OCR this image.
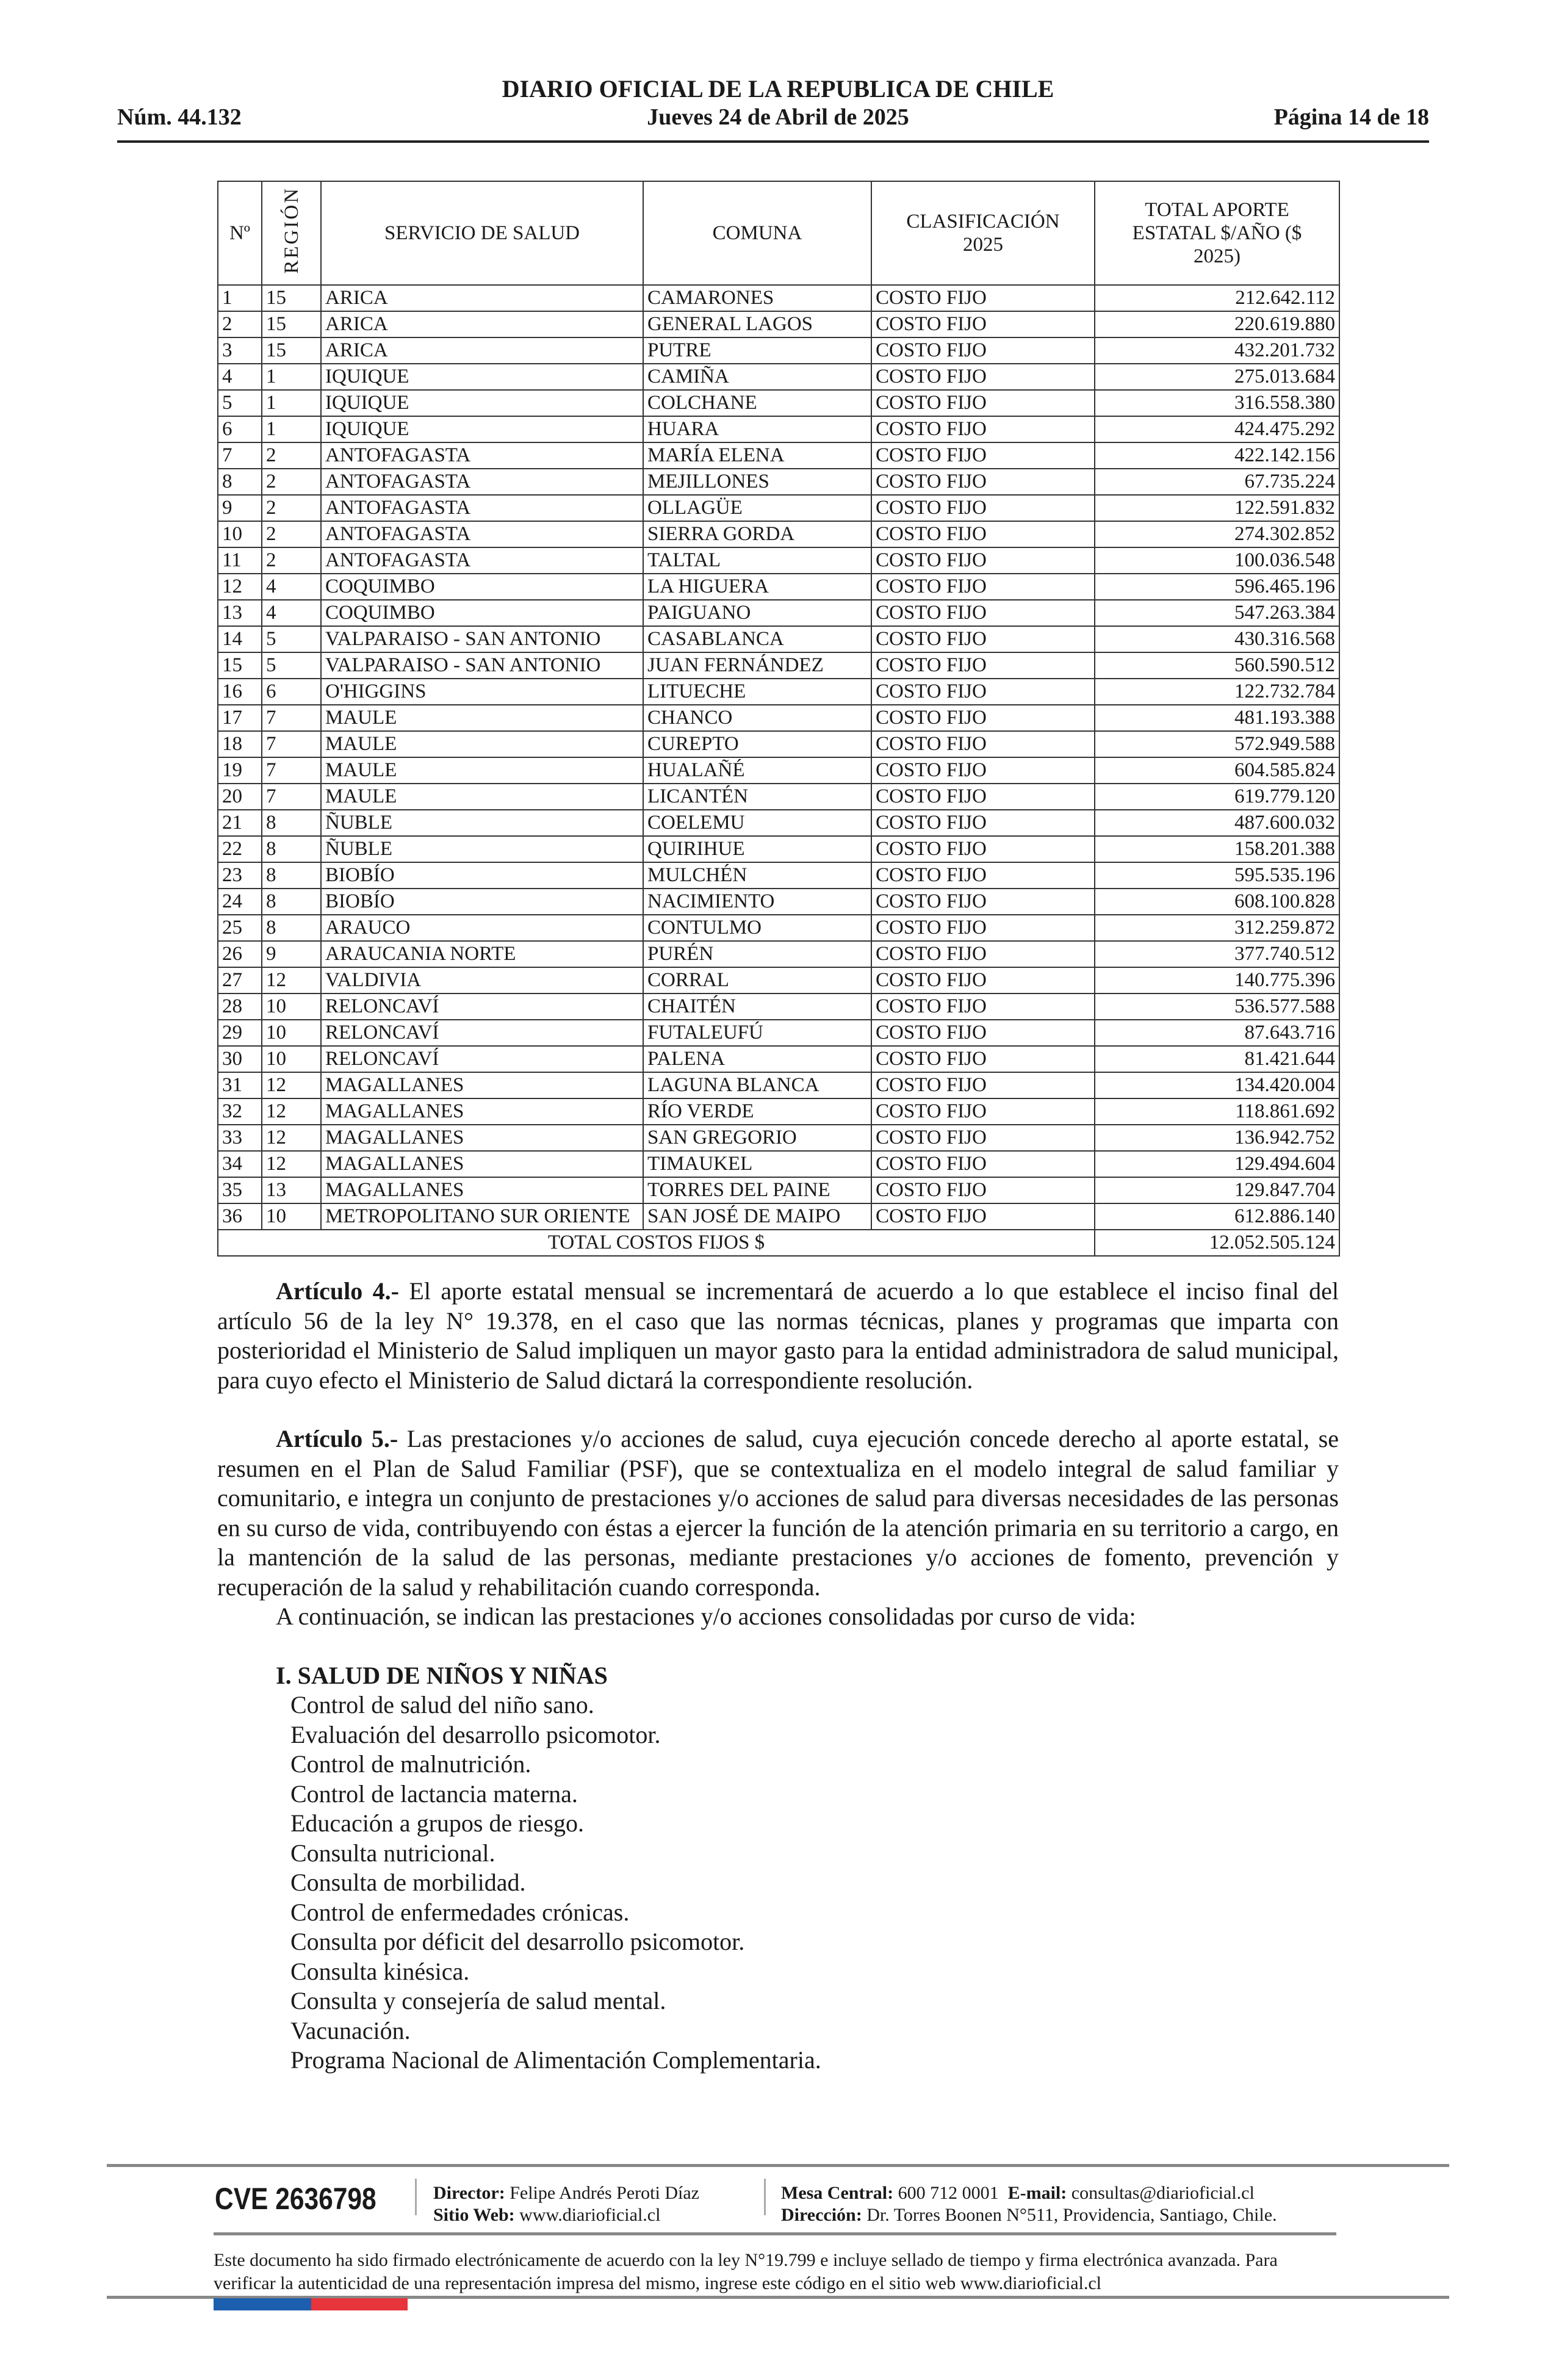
DIARIO OFICIAL DE LA REPUBLICA DE CHILE
Núm. 44.132	Jueves 24 de Abril de 2025	Página 14 de 18
Nº	REGIÓN	SERVICIO DE SALUD	COMUNA	CLASIFICACIÓN 2025	TOTAL APORTE ESTATAL $/AÑO ($ 2025)
1	15	ARICA	CAMARONES	COSTO FIJO	212.642.112
2	15	ARICA	GENERAL LAGOS	COSTO FIJO	220.619.880
3	15	ARICA	PUTRE	COSTO FIJO	432.201.732
4	1	IQUIQUE	CAMIÑA	COSTO FIJO	275.013.684
5	1	IQUIQUE	COLCHANE	COSTO FIJO	316.558.380
6	1	IQUIQUE	HUARA	COSTO FIJO	424.475.292
7	2	ANTOFAGASTA	MARÍA ELENA	COSTO FIJO	422.142.156
8	2	ANTOFAGASTA	MEJILLONES	COSTO FIJO	67.735.224
9	2	ANTOFAGASTA	OLLAGÜE	COSTO FIJO	122.591.832
10	2	ANTOFAGASTA	SIERRA GORDA	COSTO FIJO	274.302.852
11	2	ANTOFAGASTA	TALTAL	COSTO FIJO	100.036.548
12	4	COQUIMBO	LA HIGUERA	COSTO FIJO	596.465.196
13	4	COQUIMBO	PAIGUANO	COSTO FIJO	547.263.384
14	5	VALPARAISO - SAN ANTONIO	CASABLANCA	COSTO FIJO	430.316.568
15	5	VALPARAISO - SAN ANTONIO	JUAN FERNÁNDEZ	COSTO FIJO	560.590.512
16	6	O'HIGGINS	LITUECHE	COSTO FIJO	122.732.784
17	7	MAULE	CHANCO	COSTO FIJO	481.193.388
18	7	MAULE	CUREPTO	COSTO FIJO	572.949.588
19	7	MAULE	HUALAÑÉ	COSTO FIJO	604.585.824
20	7	MAULE	LICANTÉN	COSTO FIJO	619.779.120
21	8	ÑUBLE	COELEMU	COSTO FIJO	487.600.032
22	8	ÑUBLE	QUIRIHUE	COSTO FIJO	158.201.388
23	8	BIOBÍO	MULCHÉN	COSTO FIJO	595.535.196
24	8	BIOBÍO	NACIMIENTO	COSTO FIJO	608.100.828
25	8	ARAUCO	CONTULMO	COSTO FIJO	312.259.872
26	9	ARAUCANIA NORTE	PURÉN	COSTO FIJO	377.740.512
27	12	VALDIVIA	CORRAL	COSTO FIJO	140.775.396
28	10	RELONCAVÍ	CHAITÉN	COSTO FIJO	536.577.588
29	10	RELONCAVÍ	FUTALEUFÚ	COSTO FIJO	87.643.716
30	10	RELONCAVÍ	PALENA	COSTO FIJO	81.421.644
31	12	MAGALLANES	LAGUNA BLANCA	COSTO FIJO	134.420.004
32	12	MAGALLANES	RÍO VERDE	COSTO FIJO	118.861.692
33	12	MAGALLANES	SAN GREGORIO	COSTO FIJO	136.942.752
34	12	MAGALLANES	TIMAUKEL	COSTO FIJO	129.494.604
35	13	MAGALLANES	TORRES DEL PAINE	COSTO FIJO	129.847.704
36	10	METROPOLITANO SUR ORIENTE	SAN JOSÉ DE MAIPO	COSTO FIJO	612.886.140
TOTAL COSTOS FIJOS $					12.052.505.124

Artículo 4.- El aporte estatal mensual se incrementará de acuerdo a lo que establece el inciso final del artículo 56 de la ley N° 19.378, en el caso que las normas técnicas, planes y programas que imparta con posterioridad el Ministerio de Salud impliquen un mayor gasto para la entidad administradora de salud municipal, para cuyo efecto el Ministerio de Salud dictará la correspondiente resolución.

Artículo 5.- Las prestaciones y/o acciones de salud, cuya ejecución concede derecho al aporte estatal, se resumen en el Plan de Salud Familiar (PSF), que se contextualiza en el modelo integral de salud familiar y comunitario, e integra un conjunto de prestaciones y/o acciones de salud para diversas necesidades de las personas en su curso de vida, contribuyendo con éstas a ejercer la función de la atención primaria en su territorio a cargo, en la mantención de la salud de las personas, mediante prestaciones y/o acciones de fomento, prevención y recuperación de la salud y rehabilitación cuando corresponda.

A continuación, se indican las prestaciones y/o acciones consolidadas por curso de vida:

I. SALUD DE NIÑOS Y NIÑAS
Control de salud del niño sano.
Evaluación del desarrollo psicomotor.
Control de malnutrición.
Control de lactancia materna.
Educación a grupos de riesgo.
Consulta nutricional.
Consulta de morbilidad.
Control de enfermedades crónicas.
Consulta por déficit del desarrollo psicomotor.
Consulta kinésica.
Consulta y consejería de salud mental.
Vacunación.
Programa Nacional de Alimentación Complementaria.
CVE 2636798	Director: Felipe Andrés Peroti Díaz
Sitio Web: www.diarioficial.cl
Mesa Central: 600 712 0001 E-mail: consultas@diarioficial.cl
Dirección: Dr. Torres Boonen N°511, Providencia, Santiago, Chile.
Este documento ha sido firmado electrónicamente de acuerdo con la ley N°19.799 e incluye sellado de tiempo y firma electrónica avanzada. Para verificar la autenticidad de una representación impresa del mismo, ingrese este código en el sitio web www.diarioficial.cl
